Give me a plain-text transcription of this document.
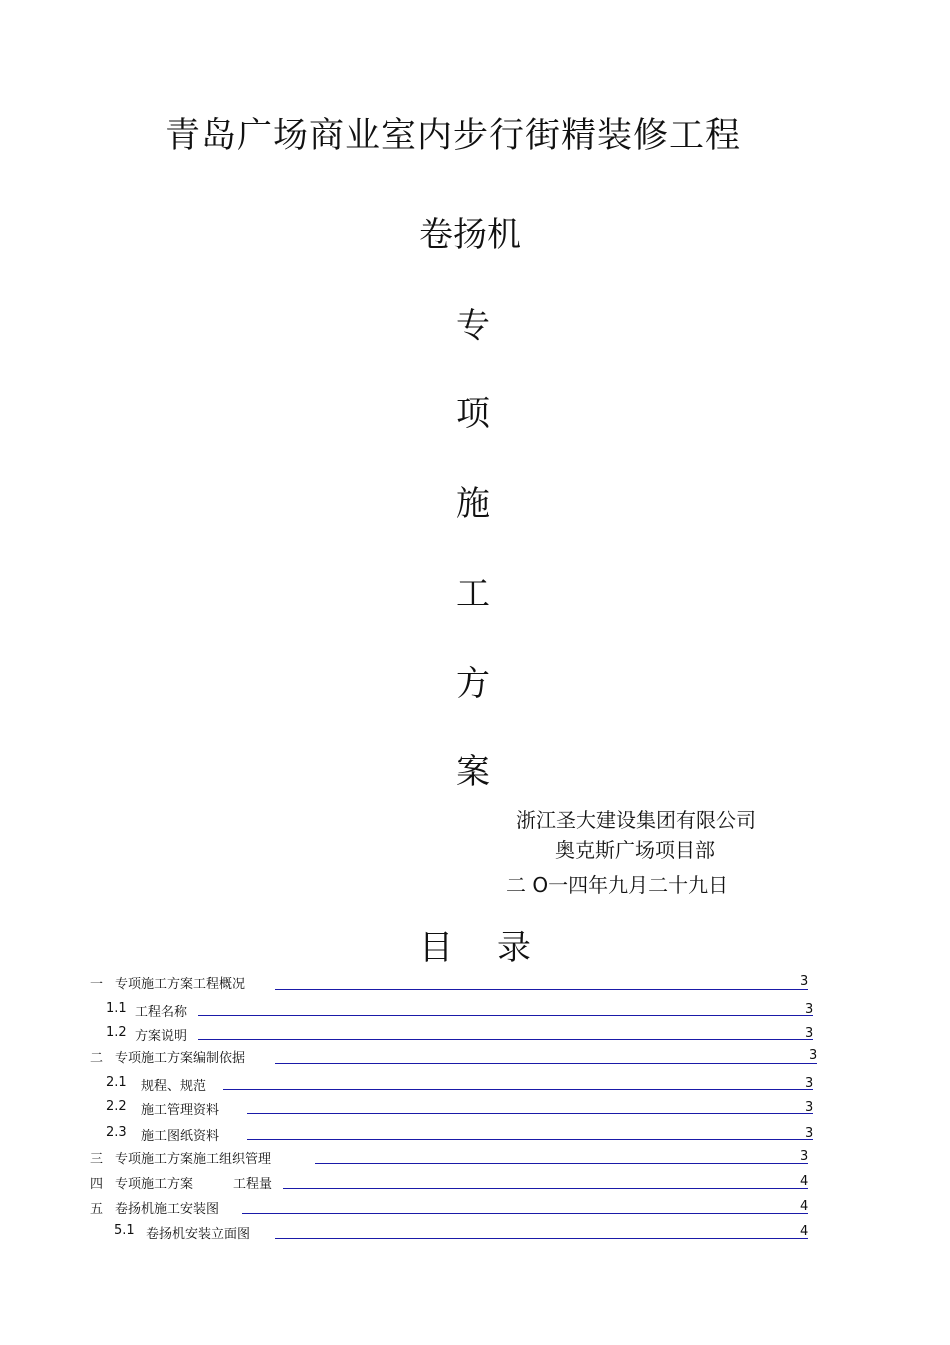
青岛广场商业室内步行街精装修工程
卷扬机
专
项
施
工
方
案
浙江圣大建设集团有限公司
奥克斯广场项目部
二 O一四年九月二十九日
目录
一 专项施工方案工程概况	3
1.1 工程名称	3
1.2 方案说明	3
二 专项施工方案编制依据	3
2.1 规程、规范	3
2.2 施工管理资料	3
2.3 施工图纸资料	3
三 专项施工方案施工组织管理	3
四 专项施工方案	工程量	4
五 卷扬机施工安装图	4
5.1 卷扬机安装立面图	4
